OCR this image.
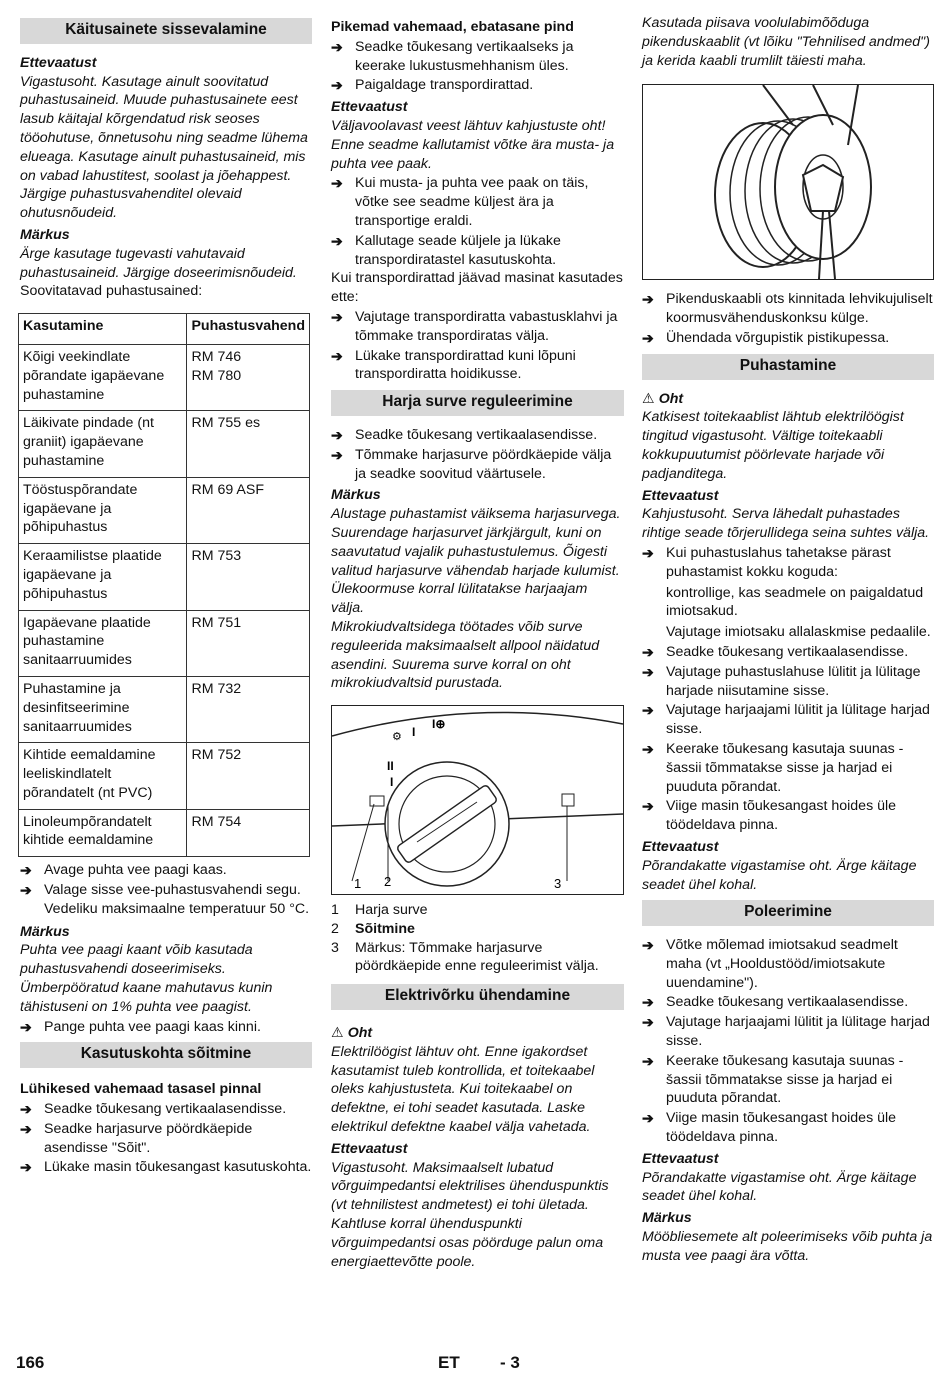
Käitusainete sissevalamine
Ettevaatust

Vigastusoht. Kasutage ainult soovitatud puhastusaineid. Muude puhastusainete eest lasub käitajal kõrgendatud risk seoses tööohutuse, õnnetusohu ning seadme lühema elueaga. Kasutage ainult puhastusaineid, mis on vabad lahustitest, soolast ja jõehappest.

Järgige puhastusvahenditel olevaid ohutusnõudeid.

Märkus

Ärge kasutage tugevasti vahutavaid puhastusaineid. Järgige doseerimisnõudeid.

Soovitatavad puhastusained:

Kasutamine	Puhastusvahend
Kõigi veekindlate põrandate igapäevane puhastamine	RM 746
RM 780
Läikivate pindade (nt graniit) igapäevane puhastamine	RM 755 es
Tööstuspõrandate igapäevane ja põhipuhastus	RM 69 ASF
Keraamilistse plaatide igapäevane ja põhipuhastus	RM 753
Igapäevane plaatide puhastamine sanitaarruumides	RM 751
Puhastamine ja desinfitseerimine sanitaarruumides	RM 732
Kihtide eemaldamine leeliskindlatelt põrandatelt (nt PVC)	RM 752
Linoleumpõrandatelt kihtide eemaldamine	RM 754
➔ Avage puhta vee paagi kaas.
➔ Valage sisse vee-puhastusvahendi segu. Vedeliku maksimaalne temperatuur 50 °C.
Märkus

Puhta vee paagi kaant võib kasutada puhastusvahendi doseerimiseks. Ümberpööratud kaane mahutavus kunin tähistuseni on 1% puhta vee paagist.

➔ Pange puhta vee paagi kaas kinni.
Kasutuskohta sõitmine
Lühikesed vahemaad tasasel pinnal
➔ Seadke tõukesang vertikaalasendisse.
➔ Seadke harjasurve pöördkäepide asendisse "Sõit".
➔ Lükake masin tõukesangast kasutuskohta.
Pikemad vahemaad, ebatasane pind
➔ Seadke tõukesang vertikaalseks ja keerake lukustusmehhanism üles.
➔ Paigaldage transpordirattad.
Ettevaatust

Väljavoolavast veest lähtuv kahjustuste oht! Enne seadme kallutamist võtke ära musta- ja puhta vee paak.

➔ Kui musta- ja puhta vee paak on täis, võtke see seadme küljest ära ja transportige eraldi.
➔ Kallutage seade küljele ja lükake transpordiratastel kasutuskohta.

Kui transpordirattad jäävad masinat kasutades ette:

➔ Vajutage transpordiratta vabastusklahvi ja tõmmake transpordiratas välja.
➔ Lükake transpordirattad kuni lõpuni transpordiratta hoidikusse.
Harja surve reguleerimine
➔ Seadke tõukesang vertikaalasendisse.
➔ Tõmmake harjasurve pöördkäepide välja ja seadke soovitud väärtusele.
Märkus

Alustage puhastamist väiksema harjasurvega. Suurendage harjasurvet järkjärgult, kuni on saavutatud vajalik puhastustulemus. Õigesti valitud harjasurve vähendab harjade kulumist.

Ülekoormuse korral lülitatakse harjaajam välja.

Mikrokiudvaltsidega töötades võib surve reguleerida maksimaalselt allpool näidatud asendini. Suurema surve korral on oht mikrokiudvaltsid purustada.

⚙ I
I⊕
II
I
1 2	3
1	Harja surve
2	Sõitmine
3	Märkus: Tõmmake harjasurve pöördkäepide enne reguleerimist välja.
Elektrivõrku ühendamine
⚠ Oht

Elektrilöögist lähtuv oht. Enne igakordset kasutamist tuleb kontrollida, et toitekaabel oleks kahjustusteta. Kui toitekaabel on defektne, ei tohi seadet kasutada. Laske elektrikul defektne kaabel välja vahetada.

Ettevaatust

Vigastusoht. Maksimaalselt lubatud võrguimpedantsi elektrilises ühenduspunktis (vt tehnilistest andmetest) ei tohi ületada. Kahtluse korral ühenduspunkti võrguimpedantsi osas pöörduge palun oma energiaettevõtte poole.

Kasutada piisava voolulabimõõduga pikenduskaablit (vt lõiku "Tehnilised andmed") ja kerida kaabli trumlilt täiesti maha.

➔ Pikenduskaabli ots kinnitada lehvikujuliselt koormusvähenduskonksu külge.
➔ Ühendada võrgupistik pistikupessa.
Puhastamine
⚠ Oht

Katkisest toitekaablist lähtub elektrilöögist tingitud vigastusoht. Vältige toitekaabli kokkupuutumist pöörlevate harjade või padjanditega.

Ettevaatust

Kahjustusoht. Serva lähedalt puhastades rihtige seade tõrjerullidega seina suhtes välja.

➔ Kui puhastuslahus tahetakse pärast puhastamist kokku koguda:

kontrollige, kas seadmele on paigaldatud imiotsakud.

Vajutage imiotsaku allalaskmise pedaalile.

➔ Seadke tõukesang vertikaalasendisse.
➔ Vajutage puhastuslahuse lülitit ja lülitage harjade niisutamine sisse.
➔ Vajutage harjaajami lülitit ja lülitage harjad sisse.
➔ Keerake tõukesang kasutaja suunas - šassii tõmmatakse sisse ja harjad ei puuduta põrandat.
➔ Viige masin tõukesangast hoides üle töödeldava pinna.
Ettevaatust

Põrandakatte vigastamise oht. Ärge käitage seadet ühel kohal.

Poleerimine
➔ Võtke mõlemad imiotsakud seadmelt maha (vt „Hooldustööd/imiotsakute uuendamine").
➔ Seadke tõukesang vertikaalasendisse.
➔ Vajutage harjaajami lülitit ja lülitage harjad sisse.
➔ Keerake tõukesang kasutaja suunas - šassii tõmmatakse sisse ja harjad ei puuduta põrandat.
➔ Viige masin tõukesangast hoides üle töödeldava pinna.
Ettevaatust

Põrandakatte vigastamise oht. Ärge käitage seadet ühel kohal.

Märkus

Mööbliesemete alt poleerimiseks võib puhta ja musta vee paagi ära võtta.

166	ET - 3
